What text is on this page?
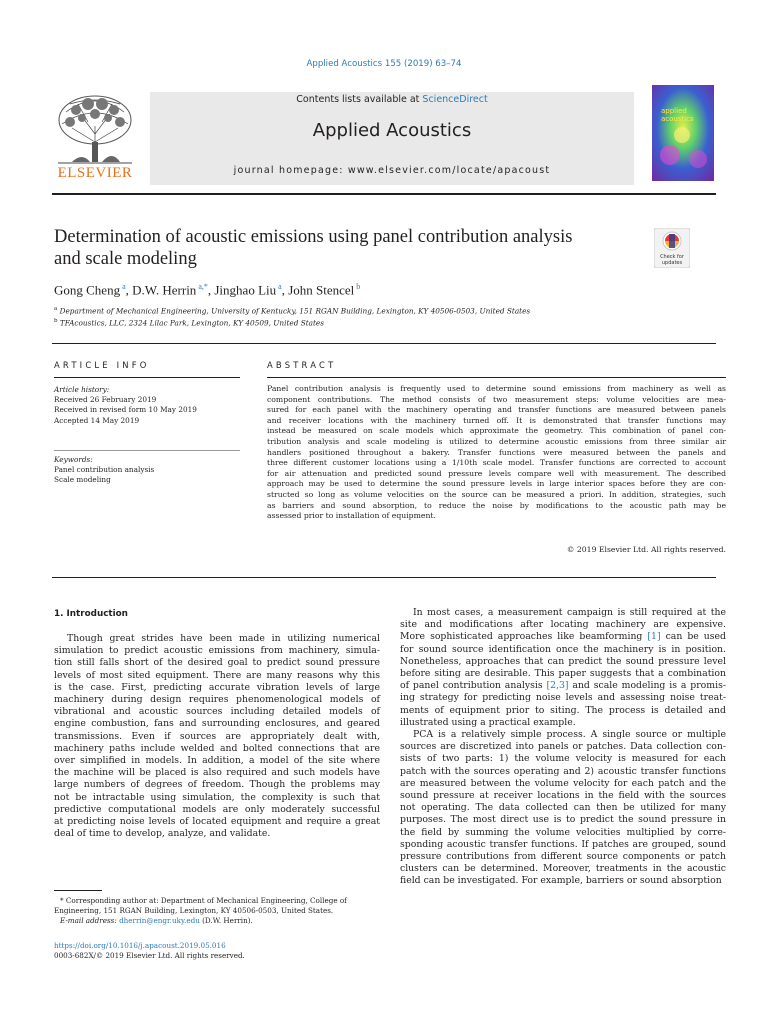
Applied Acoustics 155 (2019) 63–74
ELSEVIER
Contents lists available at ScienceDirect
Applied Acoustics
journal homepage: www.elsevier.com/locate/apacoust
applied
acoustics
Determination of acoustic emissions using panel contribution analysis
and scale modeling	Check for
updates
Gong Cheng $^a$, D.W. Herrin $^{a,*}$, Jinghao Liu $^a$, John Stencel $^b$
$^a$ Department of Mechanical Engineering, University of Kentucky, 151 RGAN Building, Lexington, KY 40506-0503, United States
$^b$ TFAcoustics, LLC, 2324 Lilac Park, Lexington, KY 40509, United States
ARTICLE INFO
Article history:
Received 26 February 2019
Received in revised form 10 May 2019
Accepted 14 May 2019
Keywords:
Panel contribution analysis
Scale modeling
ABSTRACT
Panel contribution analysis is frequently used to determine sound emissions from machinery as well as
component contributions. The method consists of two measurement steps: volume velocities are mea-
sured for each panel with the machinery operating and transfer functions are measured between panels
and receiver locations with the machinery turned off. It is demonstrated that transfer functions may
instead be measured on scale models which approximate the geometry. This combination of panel con-
tribution analysis and scale modeling is utilized to determine acoustic emissions from three similar air
handlers positioned throughout a bakery. Transfer functions were measured between the panels and
three different customer locations using a 1/10th scale model. Transfer functions are corrected to account
for air attenuation and predicted sound pressure levels compare well with measurement. The described
approach may be used to determine the sound pressure levels in large interior spaces before they are con-
structed so long as volume velocities on the source can be measured a priori. In addition, strategies, such
as barriers and sound absorption, to reduce the noise by modifications to the acoustic path may be
assessed prior to installation of equipment.
© 2019 Elsevier Ltd. All rights reserved.
1. Introduction
Though great strides have been made in utilizing numerical
simulation to predict acoustic emissions from machinery, simula-
tion still falls short of the desired goal to predict sound pressure
levels of most sited equipment. There are many reasons why this
is the case. First, predicting accurate vibration levels of large
machinery during design requires phenomenological models of
vibrational and acoustic sources including detailed models of
engine combustion, fans and surrounding enclosures, and geared
transmissions. Even if sources are appropriately dealt with,
machinery paths include welded and bolted connections that are
over simplified in models. In addition, a model of the site where
the machine will be placed is also required and such models have
large numbers of degrees of freedom. Though the problems may
not be intractable using simulation, the complexity is such that
predictive computational models are only moderately successful
at predicting noise levels of located equipment and require a great
deal of time to develop, analyze, and validate.
In most cases, a measurement campaign is still required at the
site and modifications after locating machinery are expensive.
More sophisticated approaches like beamforming [1] can be used
for sound source identification once the machinery is in position.
Nonetheless, approaches that can predict the sound pressure level
before siting are desirable. This paper suggests that a combination
of panel contribution analysis [2,3] and scale modeling is a promis-
ing strategy for predicting noise levels and assessing noise treat-
ments of equipment prior to siting. The process is detailed and
illustrated using a practical example.
PCA is a relatively simple process. A single source or multiple
sources are discretized into panels or patches. Data collection con-
sists of two parts: 1) the volume velocity is measured for each
patch with the sources operating and 2) acoustic transfer functions
are measured between the volume velocity for each patch and the
sound pressure at receiver locations in the field with the sources
not operating. The data collected can then be utilized for many
purposes. The most direct use is to predict the sound pressure in
the field by summing the volume velocities multiplied by corre-
sponding acoustic transfer functions. If patches are grouped, sound
pressure contributions from different source components or patch
clusters can be determined. Moreover, treatments in the acoustic
field can be investigated. For example, barriers or sound absorption
* Corresponding author at: Department of Mechanical Engineering, College of
Engineering, 151 RGAN Building, Lexington, KY 40506-0503, United States.
E-mail address: dherrin@engr.uky.edu (D.W. Herrin).
https://doi.org/10.1016/j.apacoust.2019.05.016
0003-682X/© 2019 Elsevier Ltd. All rights reserved.
